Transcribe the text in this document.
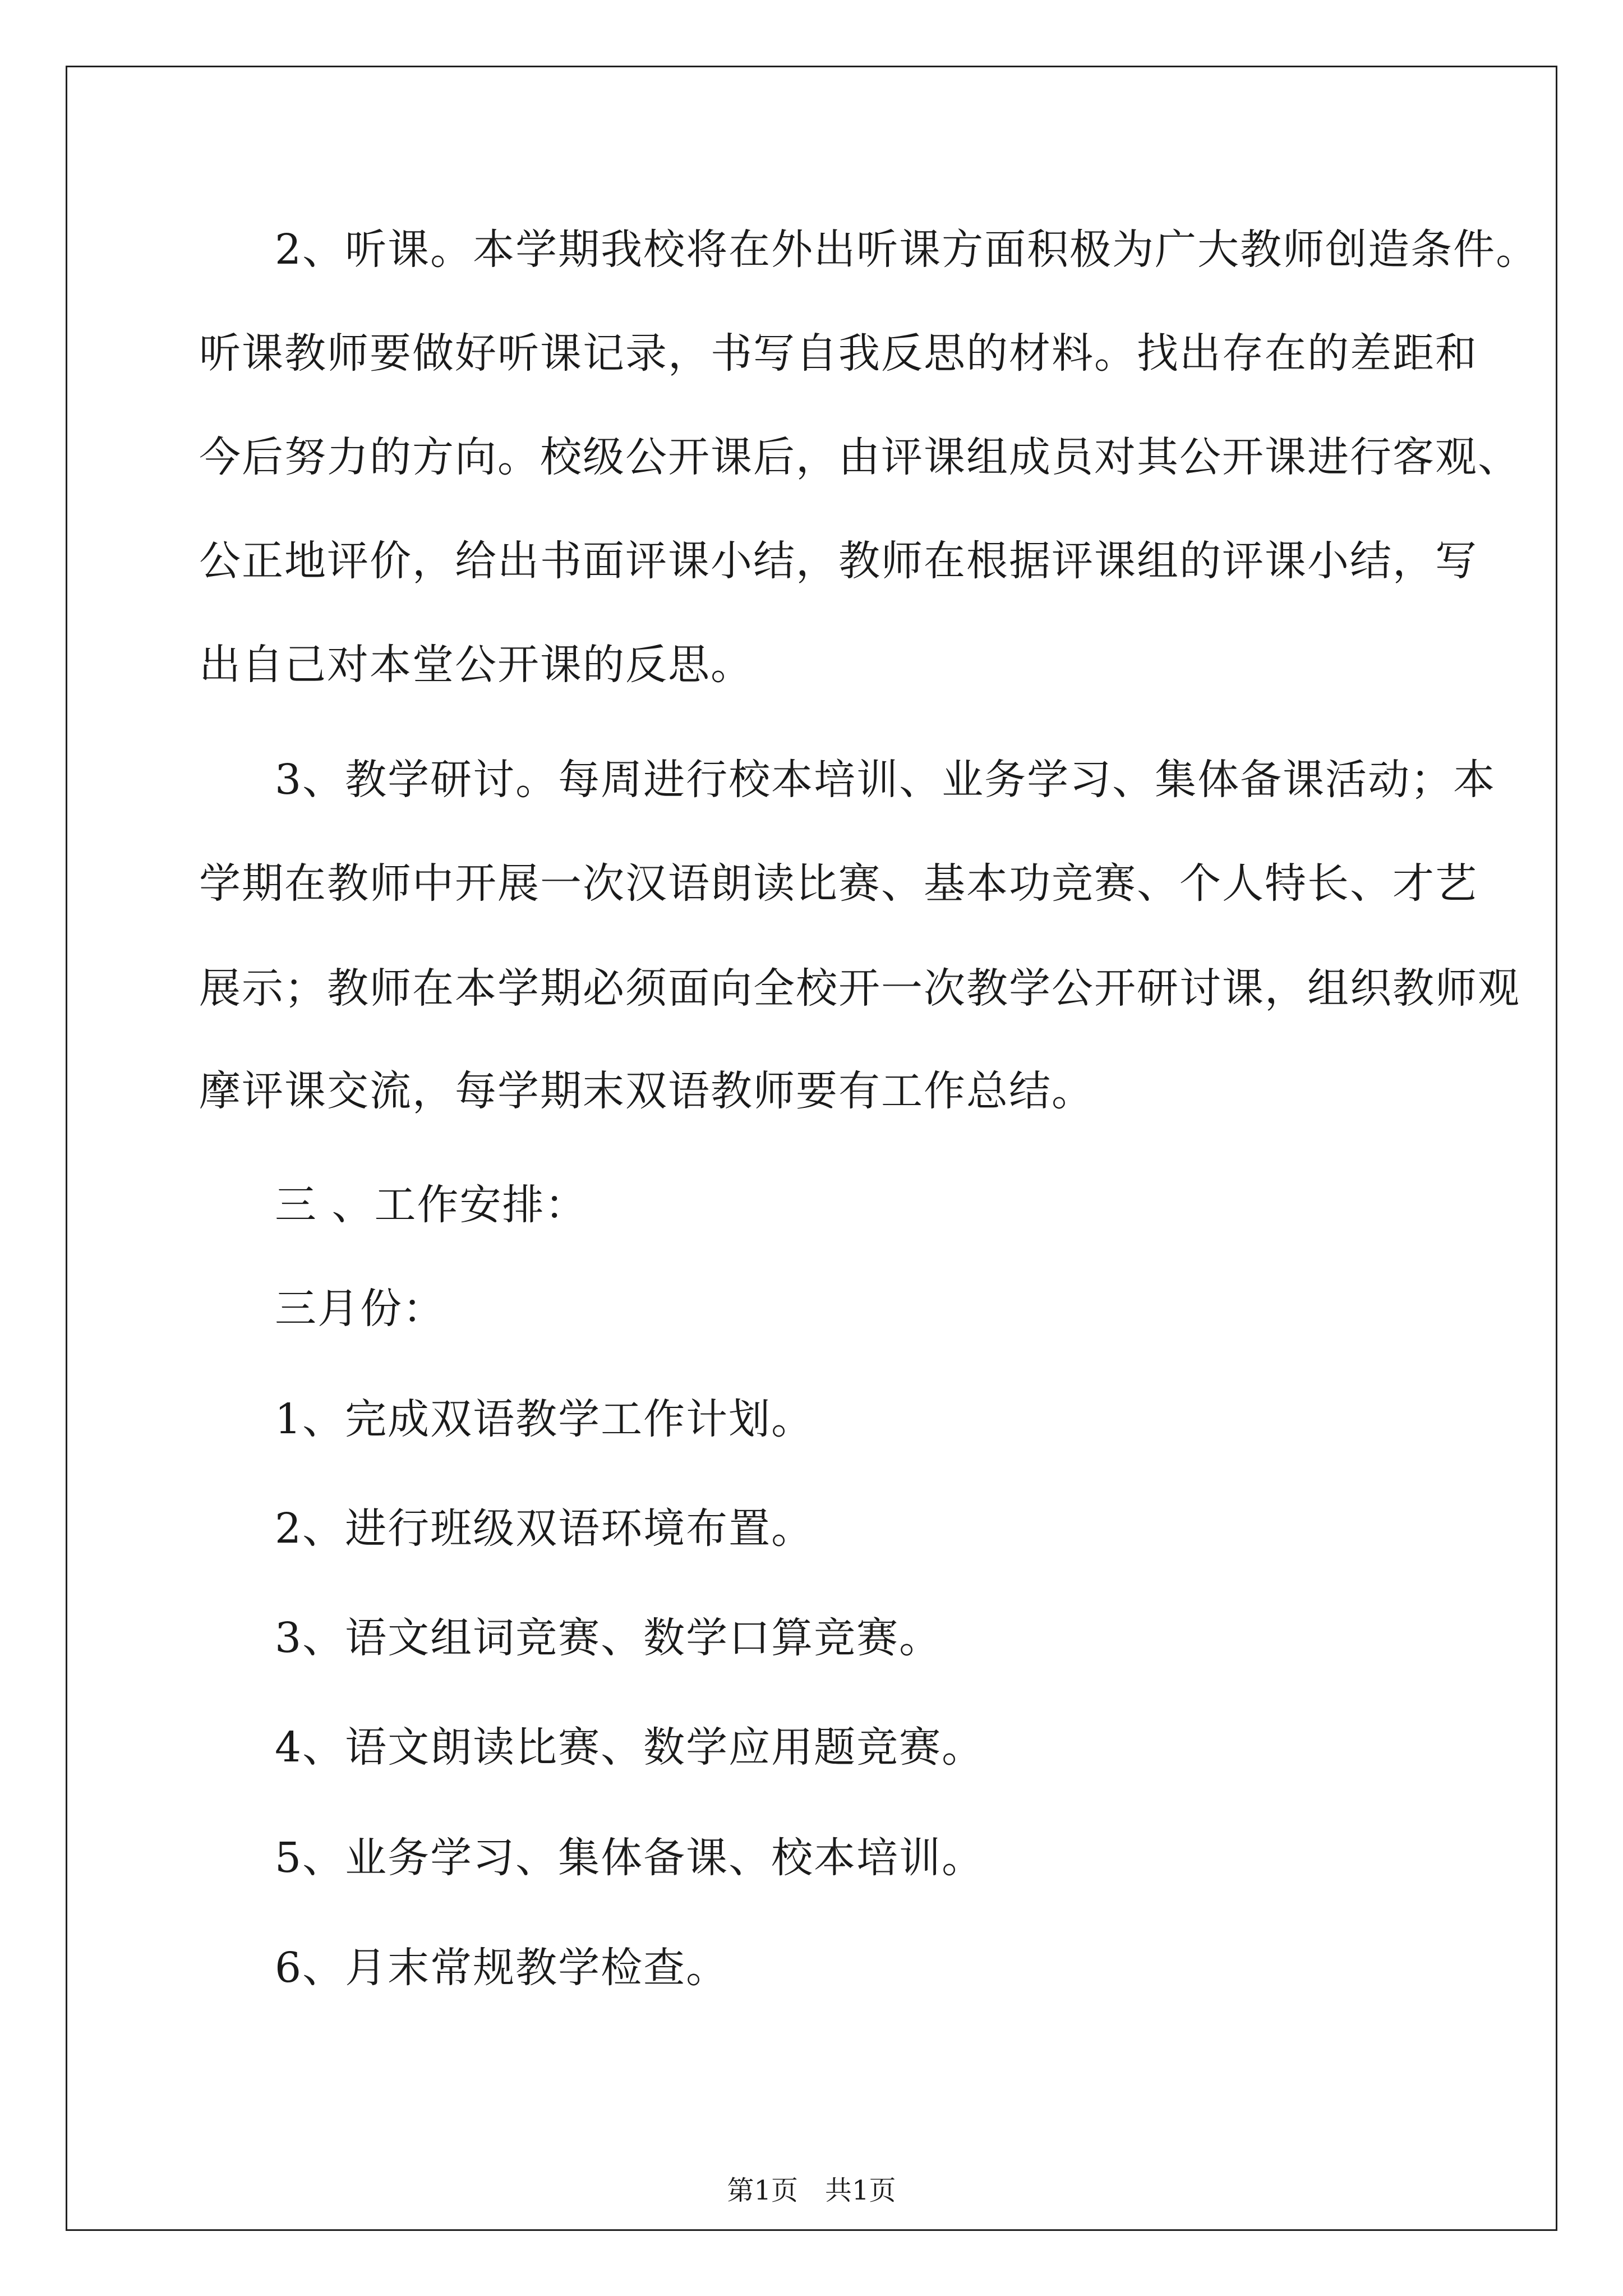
2、听课。本学期我校将在外出听课方面积极为广大教师创造条件。
听课教师要做好听课记录，书写自我反思的材料。找出存在的差距和
今后努力的方向。校级公开课后，由评课组成员对其公开课进行客观、
公正地评价，给出书面评课小结，教师在根据评课组的评课小结，写
出自己对本堂公开课的反思。
3、教学研讨。每周进行校本培训、业务学习、集体备课活动；本
学期在教师中开展一次汉语朗读比赛、基本功竞赛、个人特长、才艺
展示；教师在本学期必须面向全校开一次教学公开研讨课，组织教师观
摩评课交流，每学期末双语教师要有工作总结。
三 、工作安排：
三月份：
1、完成双语教学工作计划。
2、进行班级双语环境布置。
3、语文组词竞赛、数学口算竞赛。
4、语文朗读比赛、数学应用题竞赛。
5、业务学习、集体备课、校本培训。
6、月末常规教学检查。
第1页 共1页
